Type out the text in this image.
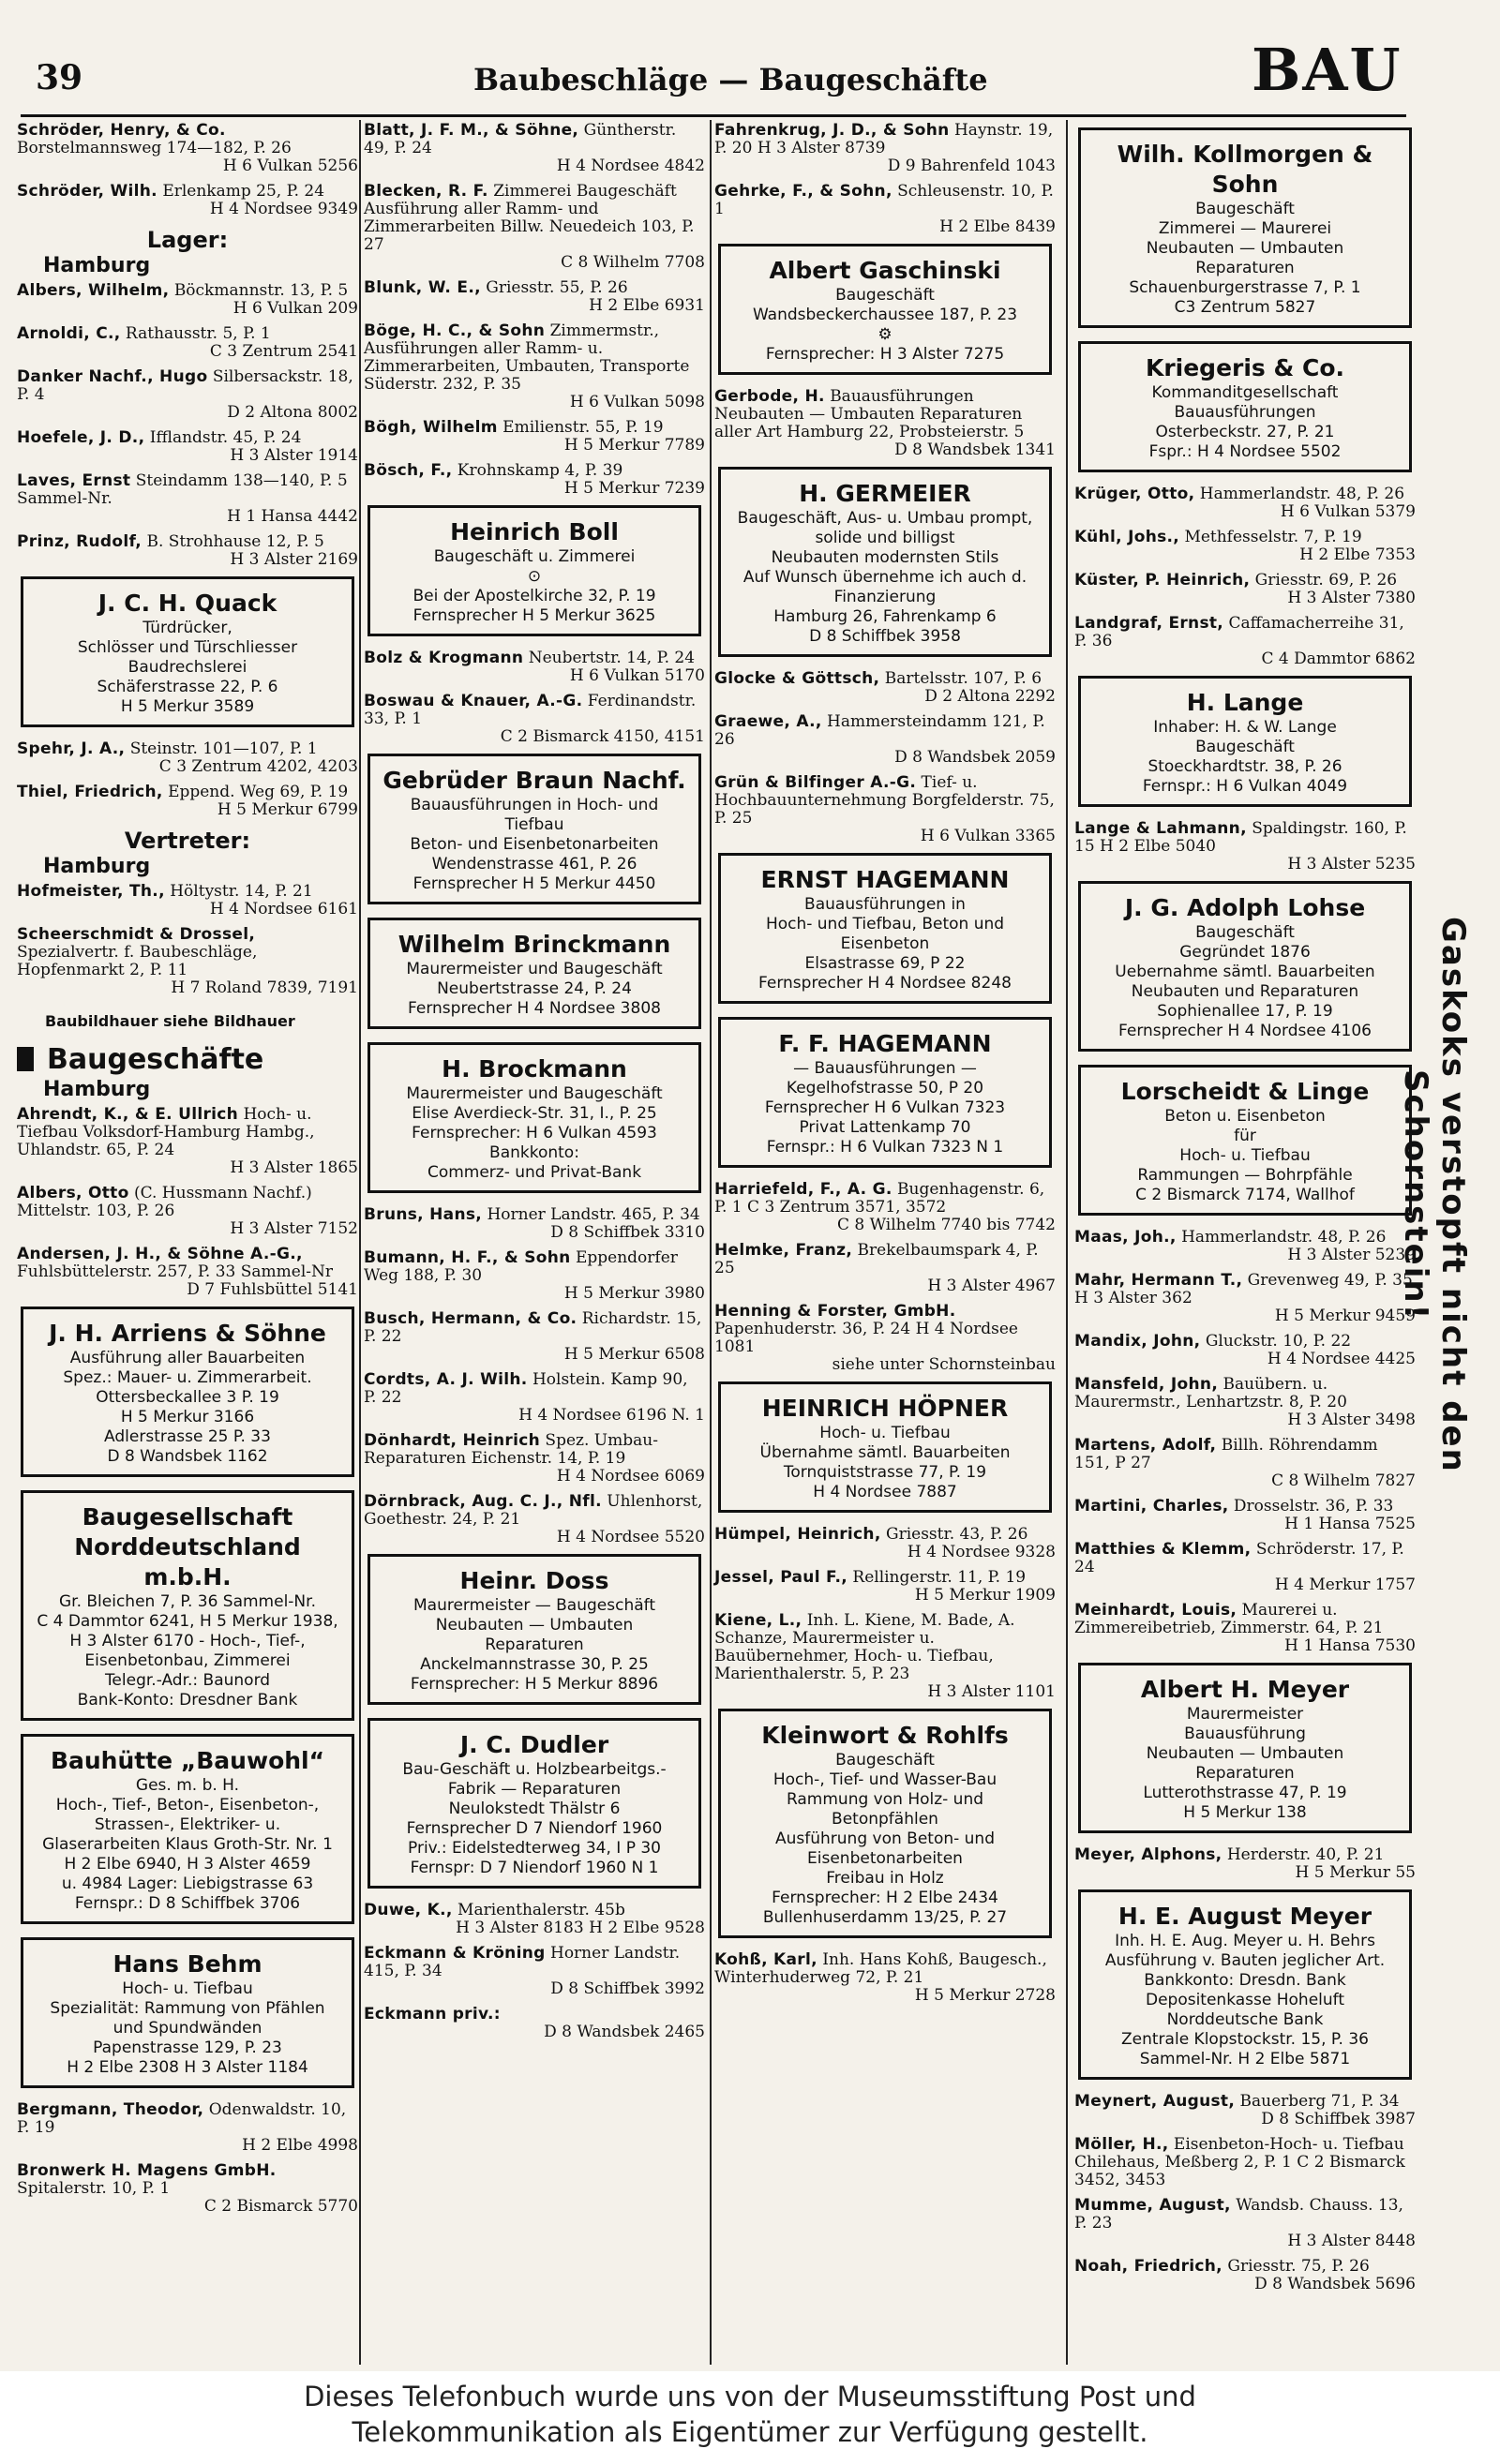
39	Baubeschläge — Baugeschäfte	BAU
Schröder, Henry, & Co. Borstelmannsweg 174—182, P. 26
H 6 Vulkan 5256
Schröder, Wilh. Erlenkamp 25, P. 24
H 4 Nordsee 9349
Lager:
Hamburg
Albers, Wilhelm, Böckmannstr. 13, P. 5
H 6 Vulkan 209
Arnoldi, C., Rathausstr. 5, P. 1
C 3 Zentrum 2541
Danker Nachf., Hugo Silbersackstr. 18, P. 4
D 2 Altona 8002
Hoefele, J. D., Ifflandstr. 45, P. 24
H 3 Alster 1914
Laves, Ernst Steindamm 138—140, P. 5 Sammel-Nr.
H 1 Hansa 4442
Prinz, Rudolf, B. Strohhause 12, P. 5
H 3 Alster 2169
J. C. H. Quack
Türdrücker,
Schlösser und Türschliesser
Baudrechslerei
Schäferstrasse 22, P. 6
H 5 Merkur 3589
Spehr, J. A., Steinstr. 101—107, P. 1
C 3 Zentrum 4202, 4203
Thiel, Friedrich, Eppend. Weg 69, P. 19
H 5 Merkur 6799
Vertreter:
Hamburg
Hofmeister, Th., Höltystr. 14, P. 21
H 4 Nordsee 6161
Scheerschmidt & Drossel, Spezialvertr. f. Baubeschläge, Hopfenmarkt 2, P. 11
H 7 Roland 7839, 7191
Baubildhauer siehe Bildhauer
Baugeschäfte
Hamburg
Ahrendt, K., & E. Ullrich Hoch- u. Tiefbau Volksdorf-Hamburg Hambg., Uhlandstr. 65, P. 24
H 3 Alster 1865
Albers, Otto (C. Hussmann Nachf.) Mittelstr. 103, P. 26
H 3 Alster 7152
Andersen, J. H., & Söhne A.-G., Fuhlsbüttelerstr. 257, P. 33 Sammel-Nr
D 7 Fuhlsbüttel 5141
J. H. Arriens & Söhne
Ausführung aller Bauarbeiten
Spez.: Mauer- u. Zimmerarbeit.
Ottersbeckallee 3 P. 19
H 5 Merkur 3166
Adlerstrasse 25 P. 33
D 8 Wandsbek 1162
Baugesellschaft Norddeutschland m.b.H.
Gr. Bleichen 7, P. 36 Sammel-Nr.
C 4 Dammtor 6241, H 5 Merkur 1938, H 3 Alster 6170 - Hoch-, Tief-, Eisenbetonbau, Zimmerei
Telegr.-Adr.: Baunord
Bank-Konto: Dresdner Bank
Bauhütte „Bauwohl“
Ges. m. b. H.
Hoch-, Tief-, Beton-, Eisenbeton-, Strassen-, Elektriker- u. Glaserarbeiten Klaus Groth-Str. Nr. 1
H 2 Elbe 6940, H 3 Alster 4659
u. 4984 Lager: Liebigstrasse 63
Fernspr.: D 8 Schiffbek 3706
Hans Behm
Hoch- u. Tiefbau
Spezialität: Rammung von Pfählen und Spundwänden
Papenstrasse 129, P. 23
H 2 Elbe 2308 H 3 Alster 1184
Bergmann, Theodor, Odenwaldstr. 10, P. 19
H 2 Elbe 4998
Bronwerk H. Magens GmbH. Spitalerstr. 10, P. 1
C 2 Bismarck 5770
Blatt, J. F. M., & Söhne, Güntherstr. 49, P. 24
H 4 Nordsee 4842
Blecken, R. F. Zimmerei Baugeschäft Ausführung aller Ramm- und Zimmerarbeiten Billw. Neuedeich 103, P. 27
C 8 Wilhelm 7708
Blunk, W. E., Griesstr. 55, P. 26
H 2 Elbe 6931
Böge, H. C., & Sohn Zimmermstr., Ausführungen aller Ramm- u. Zimmerarbeiten, Umbauten, Transporte Süderstr. 232, P. 35
H 6 Vulkan 5098
Bögh, Wilhelm Emilienstr. 55, P. 19
H 5 Merkur 7789
Bösch, F., Krohnskamp 4, P. 39
H 5 Merkur 7239
Heinrich Boll
Baugeschäft u. Zimmerei
⊙
Bei der Apostelkirche 32, P. 19
Fernsprecher H 5 Merkur 3625
Bolz & Krogmann Neubertstr. 14, P. 24
H 6 Vulkan 5170
Boswau & Knauer, A.-G. Ferdinandstr. 33, P. 1
C 2 Bismarck 4150, 4151
Gebrüder Braun Nachf.
Bauausführungen in Hoch- und Tiefbau
Beton- und Eisenbetonarbeiten
Wendenstrasse 461, P. 26
Fernsprecher H 5 Merkur 4450
Wilhelm Brinckmann
Maurermeister und Baugeschäft
Neubertstrasse 24, P. 24
Fernsprecher H 4 Nordsee 3808
H. Brockmann
Maurermeister und Baugeschäft
Elise Averdieck-Str. 31, I., P. 25
Fernsprecher: H 6 Vulkan 4593
Bankkonto:
Commerz- und Privat-Bank
Bruns, Hans, Horner Landstr. 465, P. 34
D 8 Schiffbek 3310
Bumann, H. F., & Sohn Eppendorfer Weg 188, P. 30
H 5 Merkur 3980
Busch, Hermann, & Co. Richardstr. 15, P. 22
H 5 Merkur 6508
Cordts, A. J. Wilh. Holstein. Kamp 90, P. 22
H 4 Nordsee 6196 N. 1
Dönhardt, Heinrich Spez. Umbau-Reparaturen Eichenstr. 14, P. 19
H 4 Nordsee 6069
Dörnbrack, Aug. C. J., Nfl. Uhlenhorst, Goethestr. 24, P. 21
H 4 Nordsee 5520
Heinr. Doss
Maurermeister — Baugeschäft
Neubauten — Umbauten
Reparaturen
Anckelmannstrasse 30, P. 25
Fernsprecher: H 5 Merkur 8896
J. C. Dudler
Bau-Geschäft u. Holzbearbeitgs.-Fabrik — Reparaturen
Neulokstedt Thälstr 6
Fernsprecher D 7 Niendorf 1960
Priv.: Eidelstedterweg 34, I P 30
Fernspr: D 7 Niendorf 1960 N 1
Duwe, K., Marienthalerstr. 45b
H 3 Alster 8183 H 2 Elbe 9528
Eckmann & Kröning Horner Landstr. 415, P. 34
D 8 Schiffbek 3992
Eckmann priv.:
D 8 Wandsbek 2465
Fahrenkrug, J. D., & Sohn Haynstr. 19, P. 20 H 3 Alster 8739
D 9 Bahrenfeld 1043
Gehrke, F., & Sohn, Schleusenstr. 10, P. 1
H 2 Elbe 8439
Albert Gaschinski
Baugeschäft
Wandsbeckerchaussee 187, P. 23
⚙
Fernsprecher: H 3 Alster 7275
Gerbode, H. Bauausführungen Neubauten — Umbauten Reparaturen aller Art Hamburg 22, Probsteierstr. 5
D 8 Wandsbek 1341
H. GERMEIER
Baugeschäft, Aus- u. Umbau prompt, solide und billigst
Neubauten modernsten Stils
Auf Wunsch übernehme ich auch d. Finanzierung
Hamburg 26, Fahrenkamp 6
D 8 Schiffbek 3958
Glocke & Göttsch, Bartelsstr. 107, P. 6
D 2 Altona 2292
Graewe, A., Hammersteindamm 121, P. 26
D 8 Wandsbek 2059
Grün & Bilfinger A.-G. Tief- u. Hochbauunternehmung Borgfelderstr. 75, P. 25
H 6 Vulkan 3365
ERNST HAGEMANN
Bauausführungen in
Hoch- und Tiefbau, Beton und Eisenbeton
Elsastrasse 69, P 22
Fernsprecher H 4 Nordsee 8248
F. F. HAGEMANN
— Bauausführungen —
Kegelhofstrasse 50, P 20
Fernsprecher H 6 Vulkan 7323
Privat Lattenkamp 70
Fernspr.: H 6 Vulkan 7323 N 1
Harriefeld, F., A. G. Bugenhagenstr. 6, P. 1 C 3 Zentrum 3571, 3572
C 8 Wilhelm 7740 bis 7742
Helmke, Franz, Brekelbaumspark 4, P. 25
H 3 Alster 4967
Henning & Forster, GmbH. Papenhuderstr. 36, P. 24 H 4 Nordsee 1081
siehe unter Schornsteinbau
HEINRICH HÖPNER
Hoch- u. Tiefbau
Übernahme sämtl. Bauarbeiten
Tornquiststrasse 77, P. 19
H 4 Nordsee 7887
Hümpel, Heinrich, Griesstr. 43, P. 26
H 4 Nordsee 9328
Jessel, Paul F., Rellingerstr. 11, P. 19
H 5 Merkur 1909
Kiene, L., Inh. L. Kiene, M. Bade, A. Schanze, Maurermeister u. Bauübernehmer, Hoch- u. Tiefbau, Marienthalerstr. 5, P. 23
H 3 Alster 1101
Kleinwort & Rohlfs
Baugeschäft
Hoch-, Tief- und Wasser-Bau
Rammung von Holz- und Betonpfählen
Ausführung von Beton- und Eisenbetonarbeiten
Freibau in Holz
Fernsprecher: H 2 Elbe 2434
Bullenhuserdamm 13/25, P. 27
Kohß, Karl, Inh. Hans Kohß, Baugesch., Winterhuderweg 72, P. 21
H 5 Merkur 2728
Wilh. Kollmorgen & Sohn
Baugeschäft
Zimmerei — Maurerei
Neubauten — Umbauten
Reparaturen
Schauenburgerstrasse 7, P. 1
C3 Zentrum 5827
Kriegeris & Co.
Kommanditgesellschaft
Bauausführungen
Osterbeckstr. 27, P. 21
Fspr.: H 4 Nordsee 5502
Krüger, Otto, Hammerlandstr. 48, P. 26
H 6 Vulkan 5379
Kühl, Johs., Methfesselstr. 7, P. 19
H 2 Elbe 7353
Küster, P. Heinrich, Griesstr. 69, P. 26
H 3 Alster 7380
Landgraf, Ernst, Caffamacherreihe 31, P. 36
C 4 Dammtor 6862
H. Lange
Inhaber: H. & W. Lange
Baugeschäft
Stoeckhardtstr. 38, P. 26
Fernspr.: H 6 Vulkan 4049
Lange & Lahmann, Spaldingstr. 160, P. 15 H 2 Elbe 5040
H 3 Alster 5235
J. G. Adolph Lohse
Baugeschäft
Gegründet 1876
Uebernahme sämtl. Bauarbeiten
Neubauten und Reparaturen
Sophienallee 17, P. 19
Fernsprecher H 4 Nordsee 4106
Lorscheidt & Linge
Beton u. Eisenbeton
für
Hoch- u. Tiefbau
Rammungen — Bohrpfähle
C 2 Bismarck 7174, Wallhof
Maas, Joh., Hammerlandstr. 48, P. 26
H 3 Alster 5239
Mahr, Hermann T., Grevenweg 49, P. 35 H 3 Alster 362
H 5 Merkur 9459
Mandix, John, Gluckstr. 10, P. 22
H 4 Nordsee 4425
Mansfeld, John, Bauübern. u. Maurermstr., Lenhartzstr. 8, P. 20
H 3 Alster 3498
Martens, Adolf, Billh. Röhrendamm 151, P 27
C 8 Wilhelm 7827
Martini, Charles, Drosselstr. 36, P. 33
H 1 Hansa 7525
Matthies & Klemm, Schröderstr. 17, P. 24
H 4 Merkur 1757
Meinhardt, Louis, Maurerei u. Zimmereibetrieb, Zimmerstr. 64, P. 21
H 1 Hansa 7530
Albert H. Meyer
Maurermeister
Bauausführung
Neubauten — Umbauten
Reparaturen
Lutterothstrasse 47, P. 19
H 5 Merkur 138
Meyer, Alphons, Herderstr. 40, P. 21
H 5 Merkur 55
H. E. August Meyer
Inh. H. E. Aug. Meyer u. H. Behrs
Ausführung v. Bauten jeglicher Art. Bankkonto: Dresdn. Bank
Depositenkasse Hoheluft
Norddeutsche Bank
Zentrale Klopstockstr. 15, P. 36
Sammel-Nr. H 2 Elbe 5871
Meynert, August, Bauerberg 71, P. 34
D 8 Schiffbek 3987
Möller, H., Eisenbeton-Hoch- u. Tiefbau Chilehaus, Meßberg 2, P. 1 C 2 Bismarck 3452, 3453
Mumme, August, Wandsb. Chauss. 13, P. 23
H 3 Alster 8448
Noah, Friedrich, Griesstr. 75, P. 26
D 8 Wandsbek 5696
Gaskoks verstopft nicht den Schornstein!
Dieses Telefonbuch wurde uns von der Museumsstiftung Post und
Telekommunikation als Eigentümer zur Verfügung gestellt.
